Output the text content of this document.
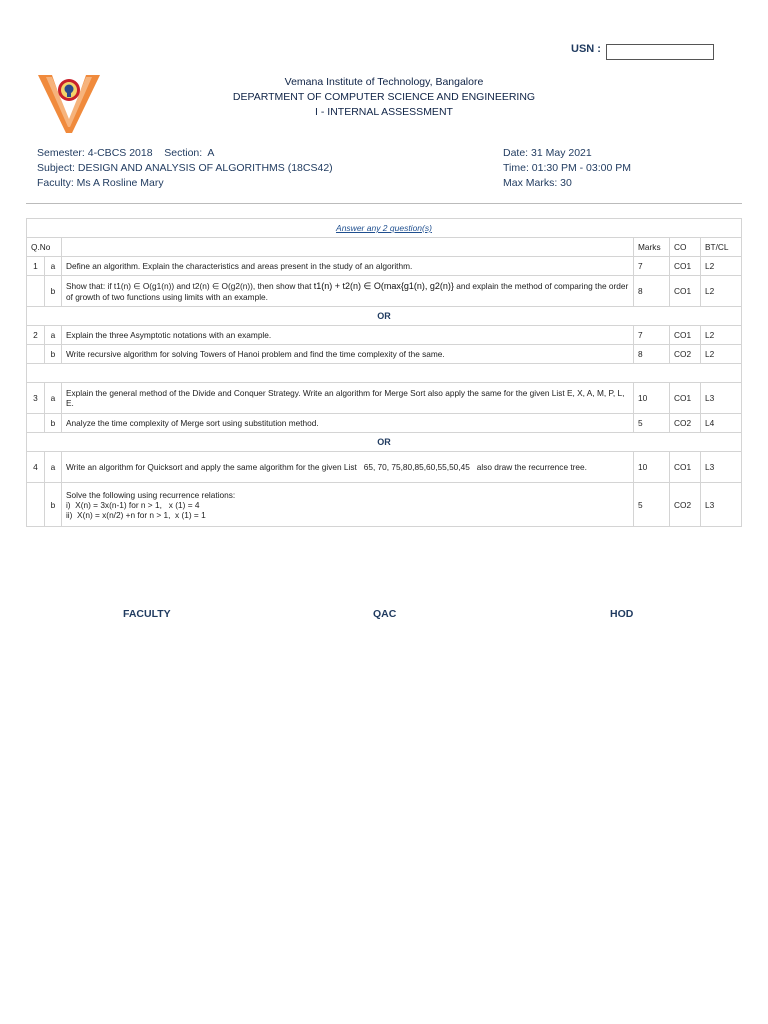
USN :
Vemana Institute of Technology, Bangalore
DEPARTMENT OF COMPUTER SCIENCE AND ENGINEERING
I - INTERNAL ASSESSMENT
Semester: 4-CBCS 2018    Section:  A
Subject: DESIGN AND ANALYSIS OF ALGORITHMS (18CS42)
Faculty: Ms A Rosline Mary
Date: 31 May 2021
Time: 01:30 PM - 03:00 PM
Max Marks: 30
Answer any 2 question(s)					
Q.No			Marks	CO	BT/CL
1	a	Define an algorithm. Explain the characteristics and areas present in the study of an algorithm.	7	CO1	L2
	b	Show that: if t1(n) ∈ O(g1(n)) and t2(n) ∈ O(g2(n)), then show that t1(n) + t2(n) ∈ O(max{g1(n), g2(n)} and explain the method of comparing the order of growth of two functions using limits with an example.	8	CO1	L2
OR					
2	a	Explain the three Asymptotic notations with an example.	7	CO1	L2
	b	Write recursive algorithm for solving Towers of Hanoi problem and find the time complexity of the same.	8	CO2	L2

3	a	Explain the general method of the Divide and Conquer Strategy. Write an algorithm for Merge Sort also apply the same for the given List E, X, A, M, P, L, E.	10	CO1	L3
	b	Analyze the time complexity of Merge sort using substitution method.	5	CO2	L4
OR					
4	a	Write an algorithm for Quicksort and apply the same algorithm for the given List   65, 70, 75,80,85,60,55,50,45   also draw the recurrence tree.	10	CO1	L3
	b	Solve the following using recurrence relations:
i)  X(n) = 3x(n-1) for n > 1,   x (1) = 4
ii)  X(n) = x(n/2) +n for n > 1,  x (1) = 1	5	CO2	L3
FACULTY	QAC	HOD
